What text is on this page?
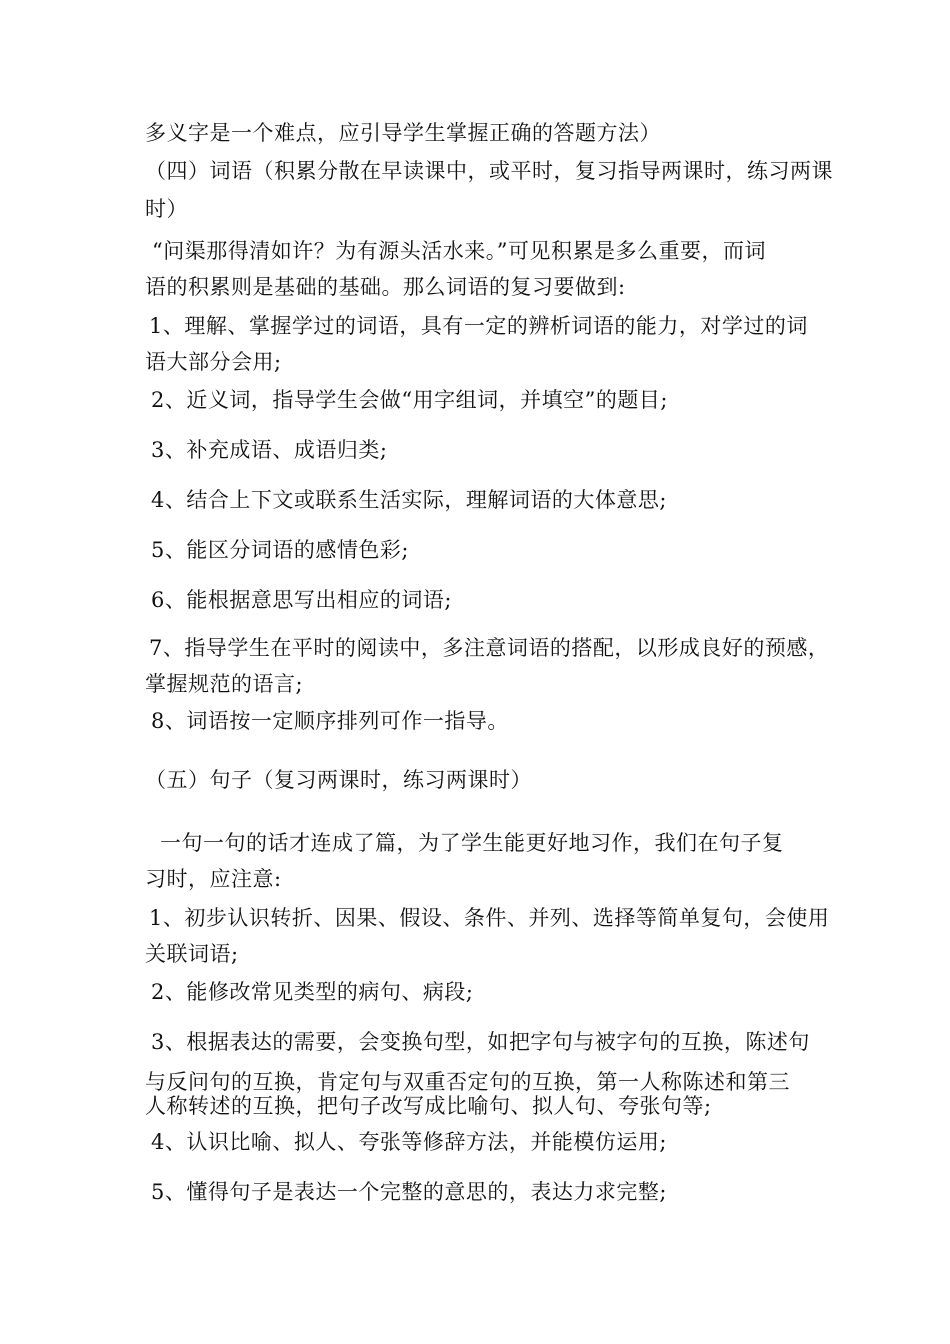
多义字是一个难点，应引导学生掌握正确的答题方法）
（四）词语（积累分散在早读课中，或平时，复习指导两课时，练习两课
时）
“问渠那得清如许？为有源头活水来。”可见积累是多么重要，而词
语的积累则是基础的基础。那么词语的复习要做到:
1、理解、掌握学过的词语，具有一定的辨析词语的能力，对学过的词
语大部分会用;
2、近义词，指导学生会做“用字组词，并填空”的题目;
3、补充成语、成语归类;
4、结合上下文或联系生活实际，理解词语的大体意思;
5、能区分词语的感情色彩;
6、能根据意思写出相应的词语;
7、指导学生在平时的阅读中，多注意词语的搭配，以形成良好的预感，
掌握规范的语言;
8、词语按一定顺序排列可作一指导。
（五）句子（复习两课时，练习两课时）
一句一句的话才连成了篇，为了学生能更好地习作，我们在句子复
习时，应注意:
1、初步认识转折、因果、假设、条件、并列、选择等简单复句，会使用
关联词语;
2、能修改常见类型的病句、病段;
3、根据表达的需要，会变换句型，如把字句与被字句的互换，陈述句
与反问句的互换，肯定句与双重否定句的互换，第一人称陈述和第三
人称转述的互换，把句子改写成比喻句、拟人句、夸张句等;
4、认识比喻、拟人、夸张等修辞方法，并能模仿运用;
5、懂得句子是表达一个完整的意思的，表达力求完整;
